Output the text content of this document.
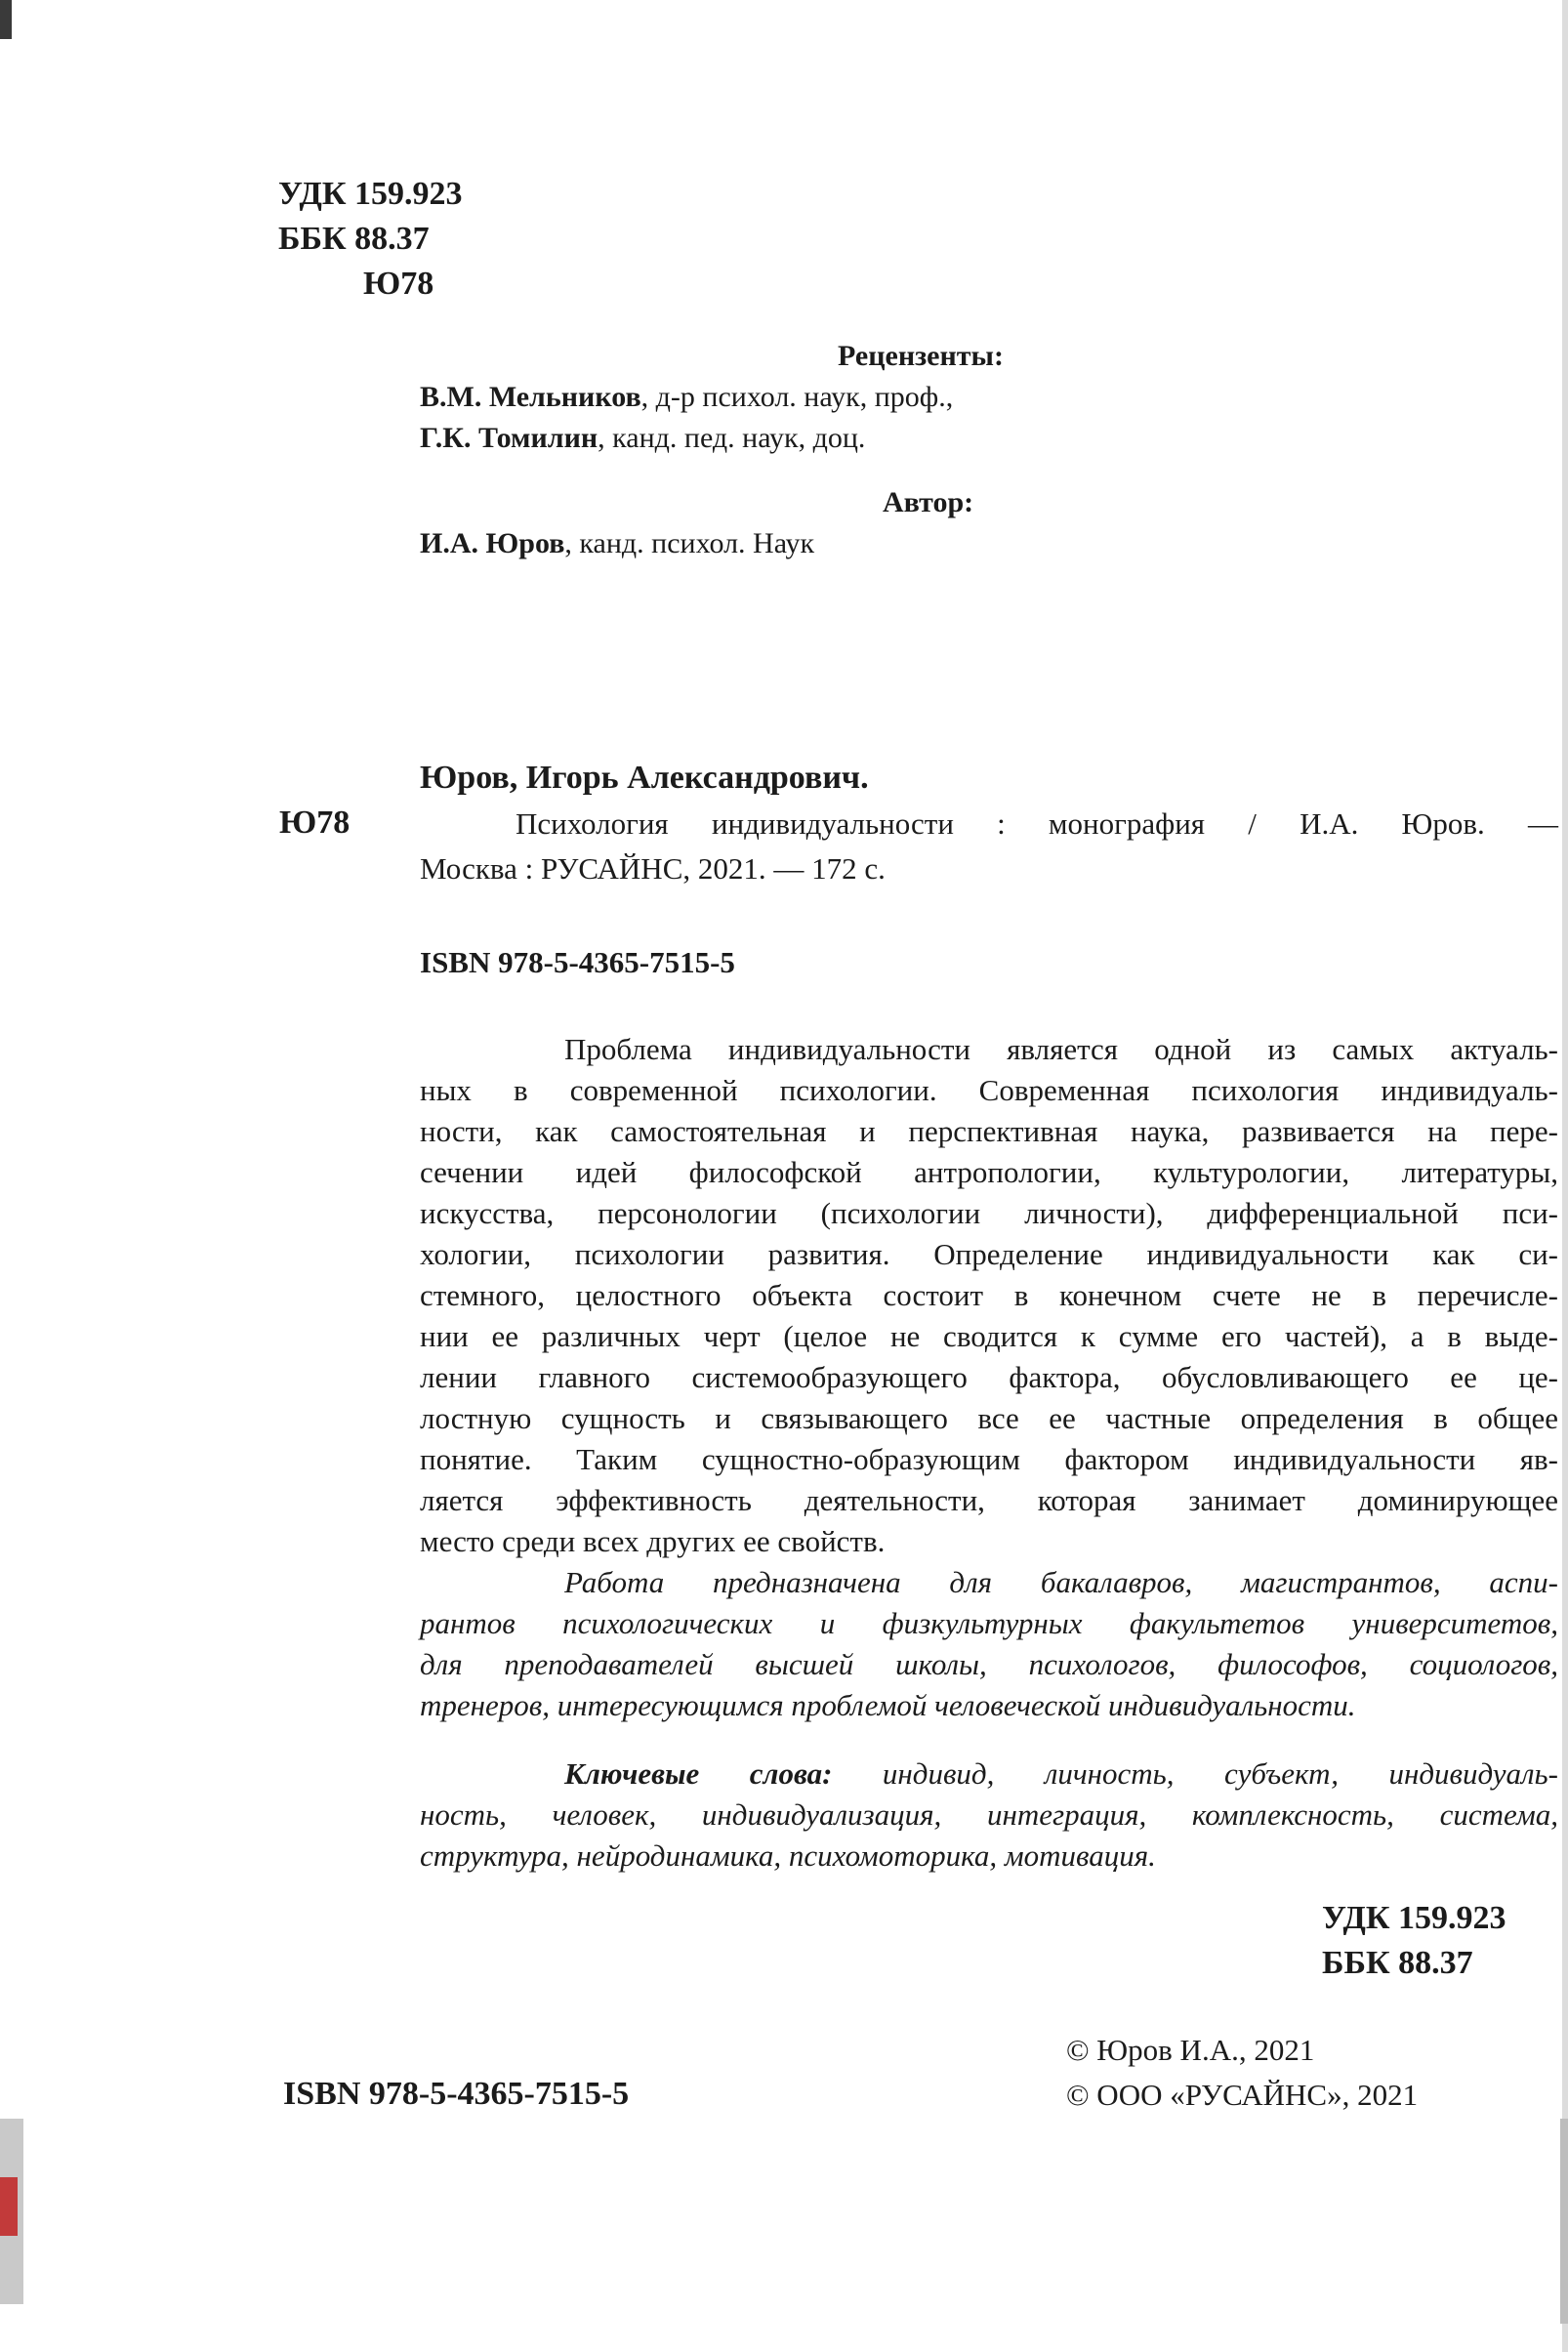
УДК 159.923
ББК 88.37
Ю78
Рецензенты:
В.М. Мельников, д-р психол. наук, проф.,
Г.К. Томилин, канд. пед. наук, доц.
Автор:
И.А. Юров, канд. психол. Наук
Юров, Игорь Александрович.
Ю78	Психология индивидуальности : монография / И.А. Юров. —
Москва : РУСАЙНС, 2021. — 172 с.
ISBN 978-5-4365-7515-5
Проблема индивидуальности является одной из самых актуаль-
ных в современной психологии. Современная психология индивидуаль-
ности, как самостоятельная и перспективная наука, развивается на пере-
сечении идей философской антропологии, культурологии, литературы,
искусства, персонологии (психологии личности), дифференциальной пси-
хологии, психологии развития. Определение индивидуальности как си-
стемного, целостного объекта состоит в конечном счете не в перечисле-
нии ее различных черт (целое не сводится к сумме его частей), а в выде-
лении главного системообразующего фактора, обусловливающего ее це-
лостную сущность и связывающего все ее частные определения в общее
понятие. Таким сущностно-образующим фактором индивидуальности яв-
ляется эффективность деятельности, которая занимает доминирующее
место среди всех других ее свойств.
Работа предназначена для бакалавров, магистрантов, аспи-
рантов психологических и физкультурных факультетов университетов,
для преподавателей высшей школы, психологов, философов, социологов,
тренеров, интересующимся проблемой человеческой индивидуальности.
Ключевые слова: индивид, личность, субъект, индивидуаль-
ность, человек, индивидуализация, интеграция, комплексность, система,
структура, нейродинамика, психомоторика, мотивация.
УДК 159.923
ББК 88.37
© Юров И.А., 2021
ISBN 978-5-4365-7515-5	© ООО «РУСАЙНС», 2021
